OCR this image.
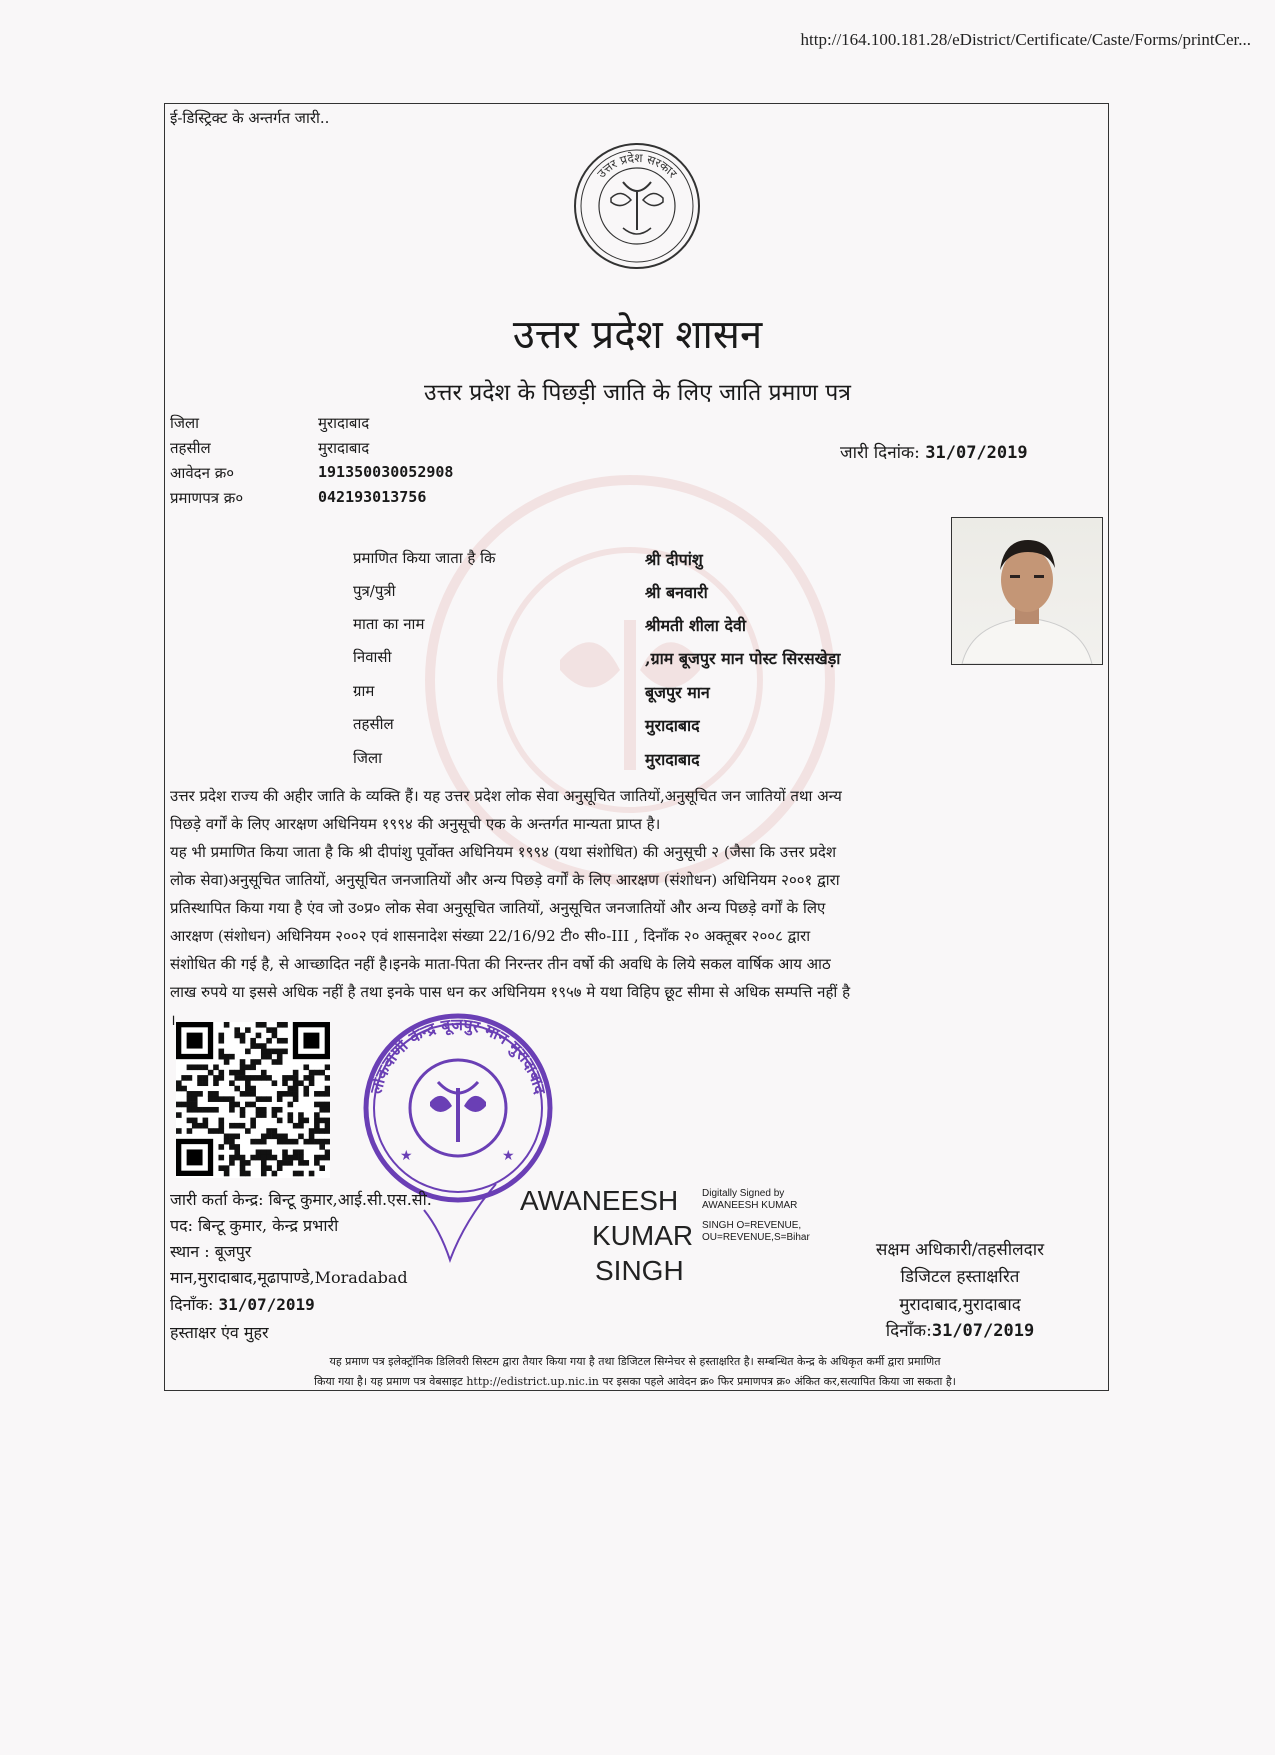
http://164.100.181.28/eDistrict/Certificate/Caste/Forms/printCer...
ई-डिस्ट्रिक्ट के अन्तर्गत जारी..
उत्तर प्रदेश सरकार
उत्तर प्रदेश शासन
उत्तर प्रदेश के पिछड़ी जाति के लिए जाति प्रमाण पत्र
जिला	मुरादाबाद
तहसील	मुरादाबाद
आवेदन क्र०	191350030052908
प्रमाणपत्र क्र०	042193013756
जारी दिनांक: 31/07/2019
प्रमाणित किया जाता है कि	श्री दीपांशु
पुत्र/पुत्री	श्री बनवारी
माता का नाम	श्रीमती शीला देवी
निवासी	,ग्राम बूजपुर मान पोस्ट सिरसखेड़ा
ग्राम	बूजपुर मान
तहसील	मुरादाबाद
जिला	मुरादाबाद
उत्तर प्रदेश राज्य की अहीर जाति के व्यक्ति हैं। यह उत्तर प्रदेश लोक सेवा अनुसूचित जातियों,अनुसूचित जन जातियों तथा अन्य
पिछड़े वर्गों के लिए आरक्षण अधिनियम १९९४ की अनुसूची एक के अन्तर्गत मान्यता प्राप्त है।
यह भी प्रमाणित किया जाता है कि श्री दीपांशु पूर्वोक्त अधिनियम १९९४ (यथा संशोधित) की अनुसूची २ (जैसा कि उत्तर प्रदेश
लोक सेवा)अनुसूचित जातियों, अनुसूचित जनजातियों और अन्य पिछड़े वर्गों के लिए आरक्षण (संशोधन) अधिनियम २००१ द्वारा
प्रतिस्थापित किया गया है एंव जो उ०प्र० लोक सेवा अनुसूचित जातियों, अनुसूचित जनजातियों और अन्य पिछड़े वर्गों के लिए
आरक्षण (संशोधन) अधिनियम २००२ एवं शासनादेश संख्या 22/16/92 टी० सी०-III , दिनाँक २० अक्तूबर २००८ द्वारा
संशोधित की गई है, से आच्छादित नहीं है।इनके माता-पिता की निरन्तर तीन वर्षो की अवधि के लिये सकल वार्षिक आय आठ
लाख रुपये या इससे अधिक नहीं है तथा इनके पास धन कर अधिनियम १९५७ मे यथा विहिप छूट सीमा से अधिक सम्पत्ति नहीं है
।
★	★
लोकवाणी केन्द्र बूजपुर मान मुरादाबाद
जारी कर्ता केन्द्र: बिन्टू कुमार,आई.सी.एस.सी.
पद: बिन्टू कुमार, केन्द्र प्रभारी
स्थान : बूजपुर
मान,मुरादाबाद,मूढापाण्डे,Moradabad
दिनाँक: 31/07/2019
हस्ताक्षर एंव मुहर
AWANEESH
KUMAR
SINGH
Digitally Signed by
AWANEESH KUMAR
SINGH O=REVENUE,
OU=REVENUE,S=Bihar
सक्षम अधिकारी/तहसीलदार
डिजिटल हस्ताक्षरित
मुरादाबाद,मुरादाबाद
दिनाँक:31/07/2019
यह प्रमाण पत्र इलेक्ट्रॉनिक डिलिवरी सिस्टम द्वारा तैयार किया गया है तथा डिजिटल सिग्नेचर से हस्ताक्षरित है। सम्बन्धित केन्द्र के अधिकृत कर्मी द्वारा प्रमाणित
किया गया है। यह प्रमाण पत्र वेबसाइट http://edistrict.up.nic.in पर इसका पहले आवेदन क्र० फिर प्रमाणपत्र क्र० अंकित कर,सत्यापित किया जा सकता है।
